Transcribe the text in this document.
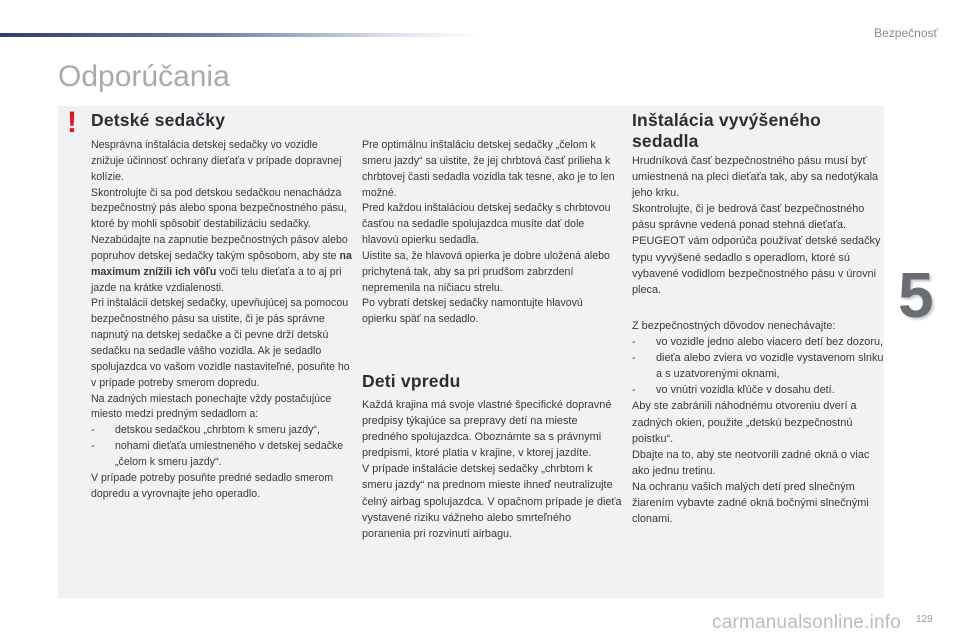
Bezpečnosť
Odporúčania
5
! Detské sedačky

Nesprávna inštalácia detskej sedačky vo vozidle znižuje účinnosť ochrany dieťaťa v prípade dopravnej kolízie.

Skontrolujte či sa pod detskou sedačkou nenachádza bezpečnostný pás alebo spona bezpečnostného pásu, ktoré by mohli spôsobiť destabilizáciu sedačky.

Nezabúdajte na zapnutie bezpečnostných pásov alebo popruhov detskej sedačky takým spôsobom, aby ste na maximum znížili ich vôľu voči telu dieťaťa a to aj pri jazde na krátke vzdialenosti.

Pri inštalácii detskej sedačky, upevňujúcej sa pomocou bezpečnostného pásu sa uistite, či je pás správne napnutý na detskej sedačke a či pevne drží detskú sedačku na sedadle vášho vozidla. Ak je sedadlo spolujazdca vo vašom vozidle nastaviteľné, posuňte ho v prípade potreby smerom dopredu.

Na zadných miestach ponechajte vždy postačujúce miesto medzi predným sedadlom a:

-	detskou sedačkou „chrbtom k smeru jazdy“,
-	nohami dieťaťa umiestneného v detskej sedačke „čelom k smeru jazdy“.

V prípade potreby posuňte predné sedadlo smerom dopredu a vyrovnajte jeho operadlo.

Pre optimálnu inštaláciu detskej sedačky „čelom k smeru jazdy“ sa uistite, že jej chrbtová časť prilieha k chrbtovej časti sedadla vozidla tak tesne, ako je to len možné.

Pred každou inštaláciou detskej sedačky s chrbtovou časťou na sedadle spolujazdca musíte dať dole hlavovú opierku sedadla.

Uistite sa, že hlavová opierka je dobre uložená alebo prichytená tak, aby sa pri prudšom zabrzdení nepremenila na ničiacu strelu.

Po vybratí detskej sedačky namontujte hlavovú opierku späť na sedadlo.

Deti vpredu

Každá krajina má svoje vlastné špecifické dopravné predpisy týkajúce sa prepravy detí na mieste predného spolujazdca. Oboznámte sa s právnymi predpismi, ktoré platia v krajine, v ktorej jazdíte.

V prípade inštalácie detskej sedačky „chrbtom k smeru jazdy“ na prednom mieste ihneď neutralizujte čelný airbag spolujazdca. V opačnom prípade je dieťa vystavené riziku vážneho alebo smrteľného poranenia pri rozvinutí airbagu.

Inštalácia vyvýšeného sedadla

Hrudníková časť bezpečnostného pásu musí byť umiestnená na pleci dieťaťa tak, aby sa nedotýkala jeho krku.

Skontrolujte, či je bedrová časť bezpečnostného pásu správne vedená ponad stehná dieťaťa.

PEUGEOT vám odporúča používať detské sedačky typu vyvýšené sedadlo s operadlom, ktoré sú vybavené vodidlom bezpečnostného pásu v úrovni pleca.

Z bezpečnostných dôvodov nenechávajte:

-	vo vozidle jedno alebo viacero detí bez dozoru,
-	dieťa alebo zviera vo vozidle vystavenom slnku a s uzatvorenými oknami,
-	vo vnútri vozidla kľúče v dosahu detí.

Aby ste zabránili náhodnému otvoreniu dverí a zadných okien, použite „detskú bezpečnostnú poistku“.

Dbajte na to, aby ste neotvorili zadné okná o viac ako jednu tretinu.

Na ochranu vašich malých detí pred slnečným žiarením vybavte zadné okná bočnými slnečnými clonami.

carmanualsonline.info 129
